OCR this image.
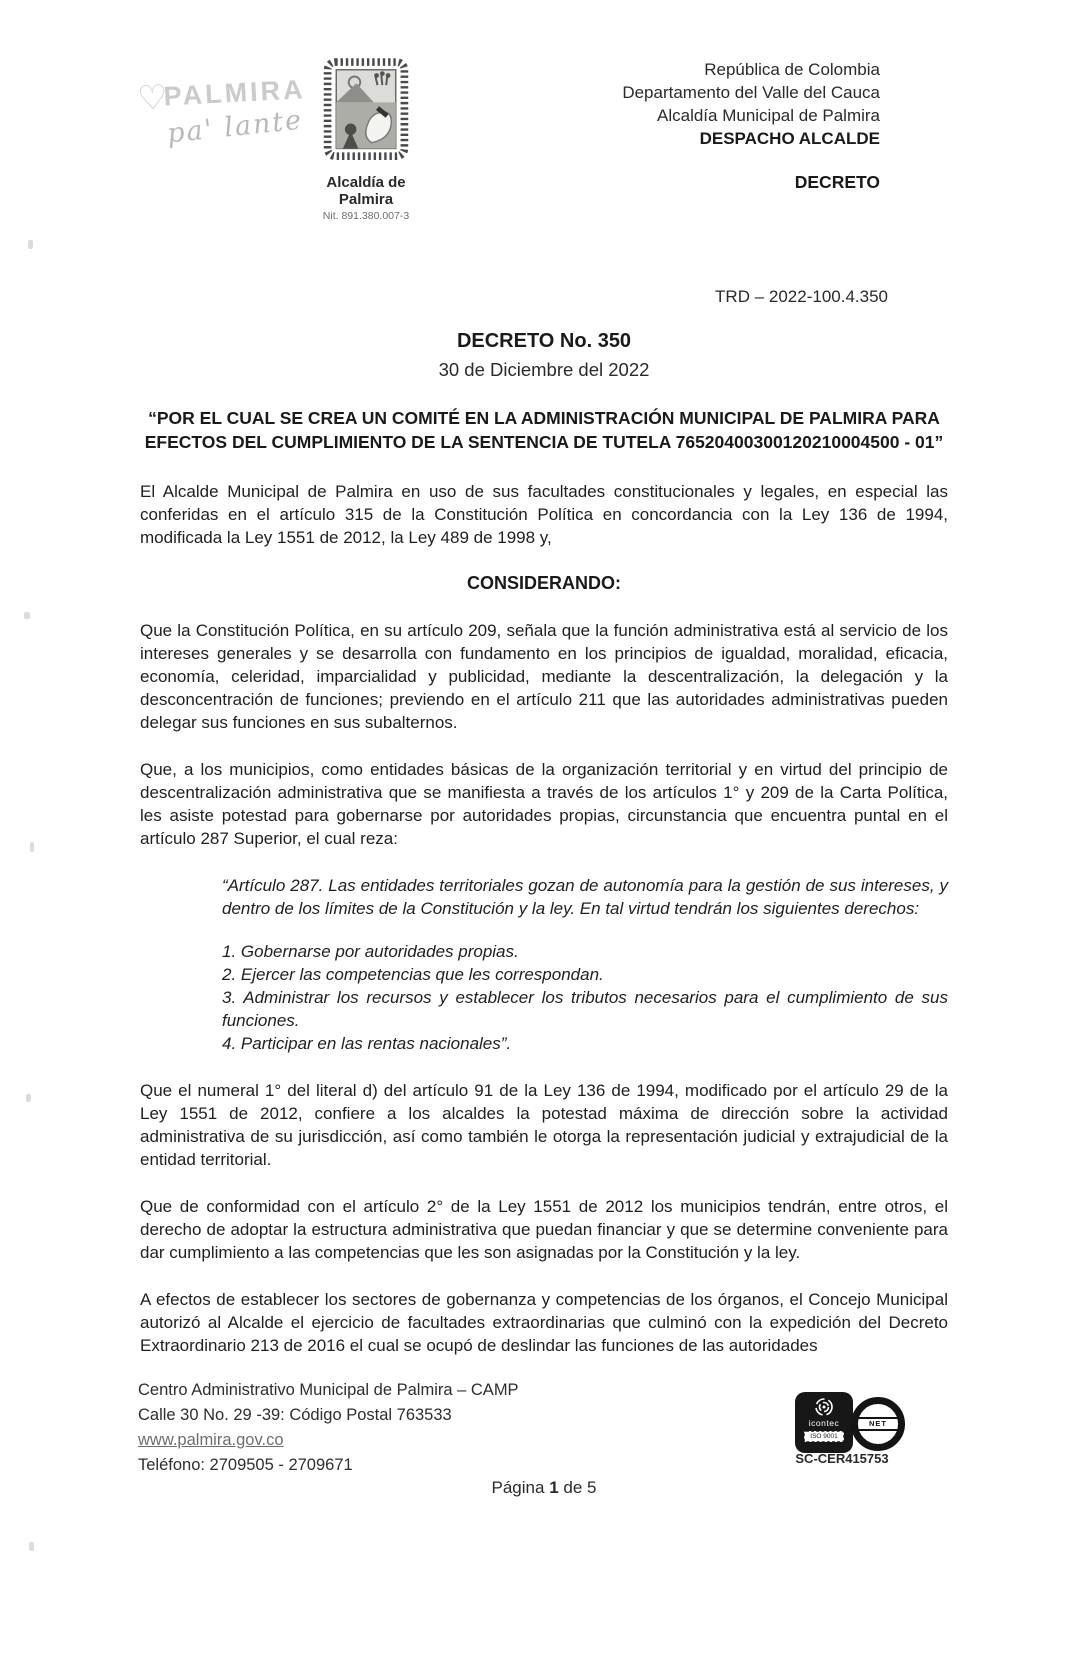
♡
PALMIRA
pa' lante
Alcaldía de Palmira
Nit. 891.380.007-3
República de Colombia
Departamento del Valle del Cauca
Alcaldía Municipal de Palmira
DESPACHO ALCALDE
DECRETO
TRD – 2022-100.4.350
DECRETO No. 350
30 de Diciembre del 2022
“POR EL CUAL SE CREA UN COMITÉ EN LA ADMINISTRACIÓN MUNICIPAL DE PALMIRA PARA EFECTOS DEL CUMPLIMIENTO DE LA SENTENCIA DE TUTELA 76520400300120210004500 - 01”

El Alcalde Municipal de Palmira en uso de sus facultades constitucionales y legales, en especial las conferidas en el artículo 315 de la Constitución Política en concordancia con la Ley 136 de 1994, modificada la Ley 1551 de 2012, la Ley 489 de 1998 y,

CONSIDERANDO:

Que la Constitución Política, en su artículo 209, señala que la función administrativa está al servicio de los intereses generales y se desarrolla con fundamento en los principios de igualdad, moralidad, eficacia, economía, celeridad, imparcialidad y publicidad, mediante la descentralización, la delegación y la desconcentración de funciones; previendo en el artículo 211 que las autoridades administrativas pueden delegar sus funciones en sus subalternos.

Que, a los municipios, como entidades básicas de la organización territorial y en virtud del principio de descentralización administrativa que se manifiesta a través de los artículos 1° y 209 de la Carta Política, les asiste potestad para gobernarse por autoridades propias, circunstancia que encuentra puntal en el artículo 287 Superior, el cual reza:

“Artículo 287. Las entidades territoriales gozan de autonomía para la gestión de sus intereses, y dentro de los límites de la Constitución y la ley. En tal virtud tendrán los siguientes derechos:

1. Gobernarse por autoridades propias.

2. Ejercer las competencias que les correspondan.

3. Administrar los recursos y establecer los tributos necesarios para el cumplimiento de sus funciones.

4. Participar en las rentas nacionales”.

Que el numeral 1° del literal d) del artículo 91 de la Ley 136 de 1994, modificado por el artículo 29 de la Ley 1551 de 2012, confiere a los alcaldes la potestad máxima de dirección sobre la actividad administrativa de su jurisdicción, así como también le otorga la representación judicial y extrajudicial de la entidad territorial.

Que de conformidad con el artículo 2° de la Ley 1551 de 2012 los municipios tendrán, entre otros, el derecho de adoptar la estructura administrativa que puedan financiar y que se determine conveniente para dar cumplimiento a las competencias que les son asignadas por la Constitución y la ley.

A efectos de establecer los sectores de gobernanza y competencias de los órganos, el Concejo Municipal autorizó al Alcalde el ejercicio de facultades extraordinarias que culminó con la expedición del Decreto Extraordinario 213 de 2016 el cual se ocupó de deslindar las funciones de las autoridades

Centro Administrativo Municipal de Palmira – CAMP
Calle 30 No. 29 -39: Código Postal 763533
www.palmira.gov.co
Teléfono: 2709505 - 2709671
Página 1 de 5
icontec
ISO 9001
NET
SC-CER415753
